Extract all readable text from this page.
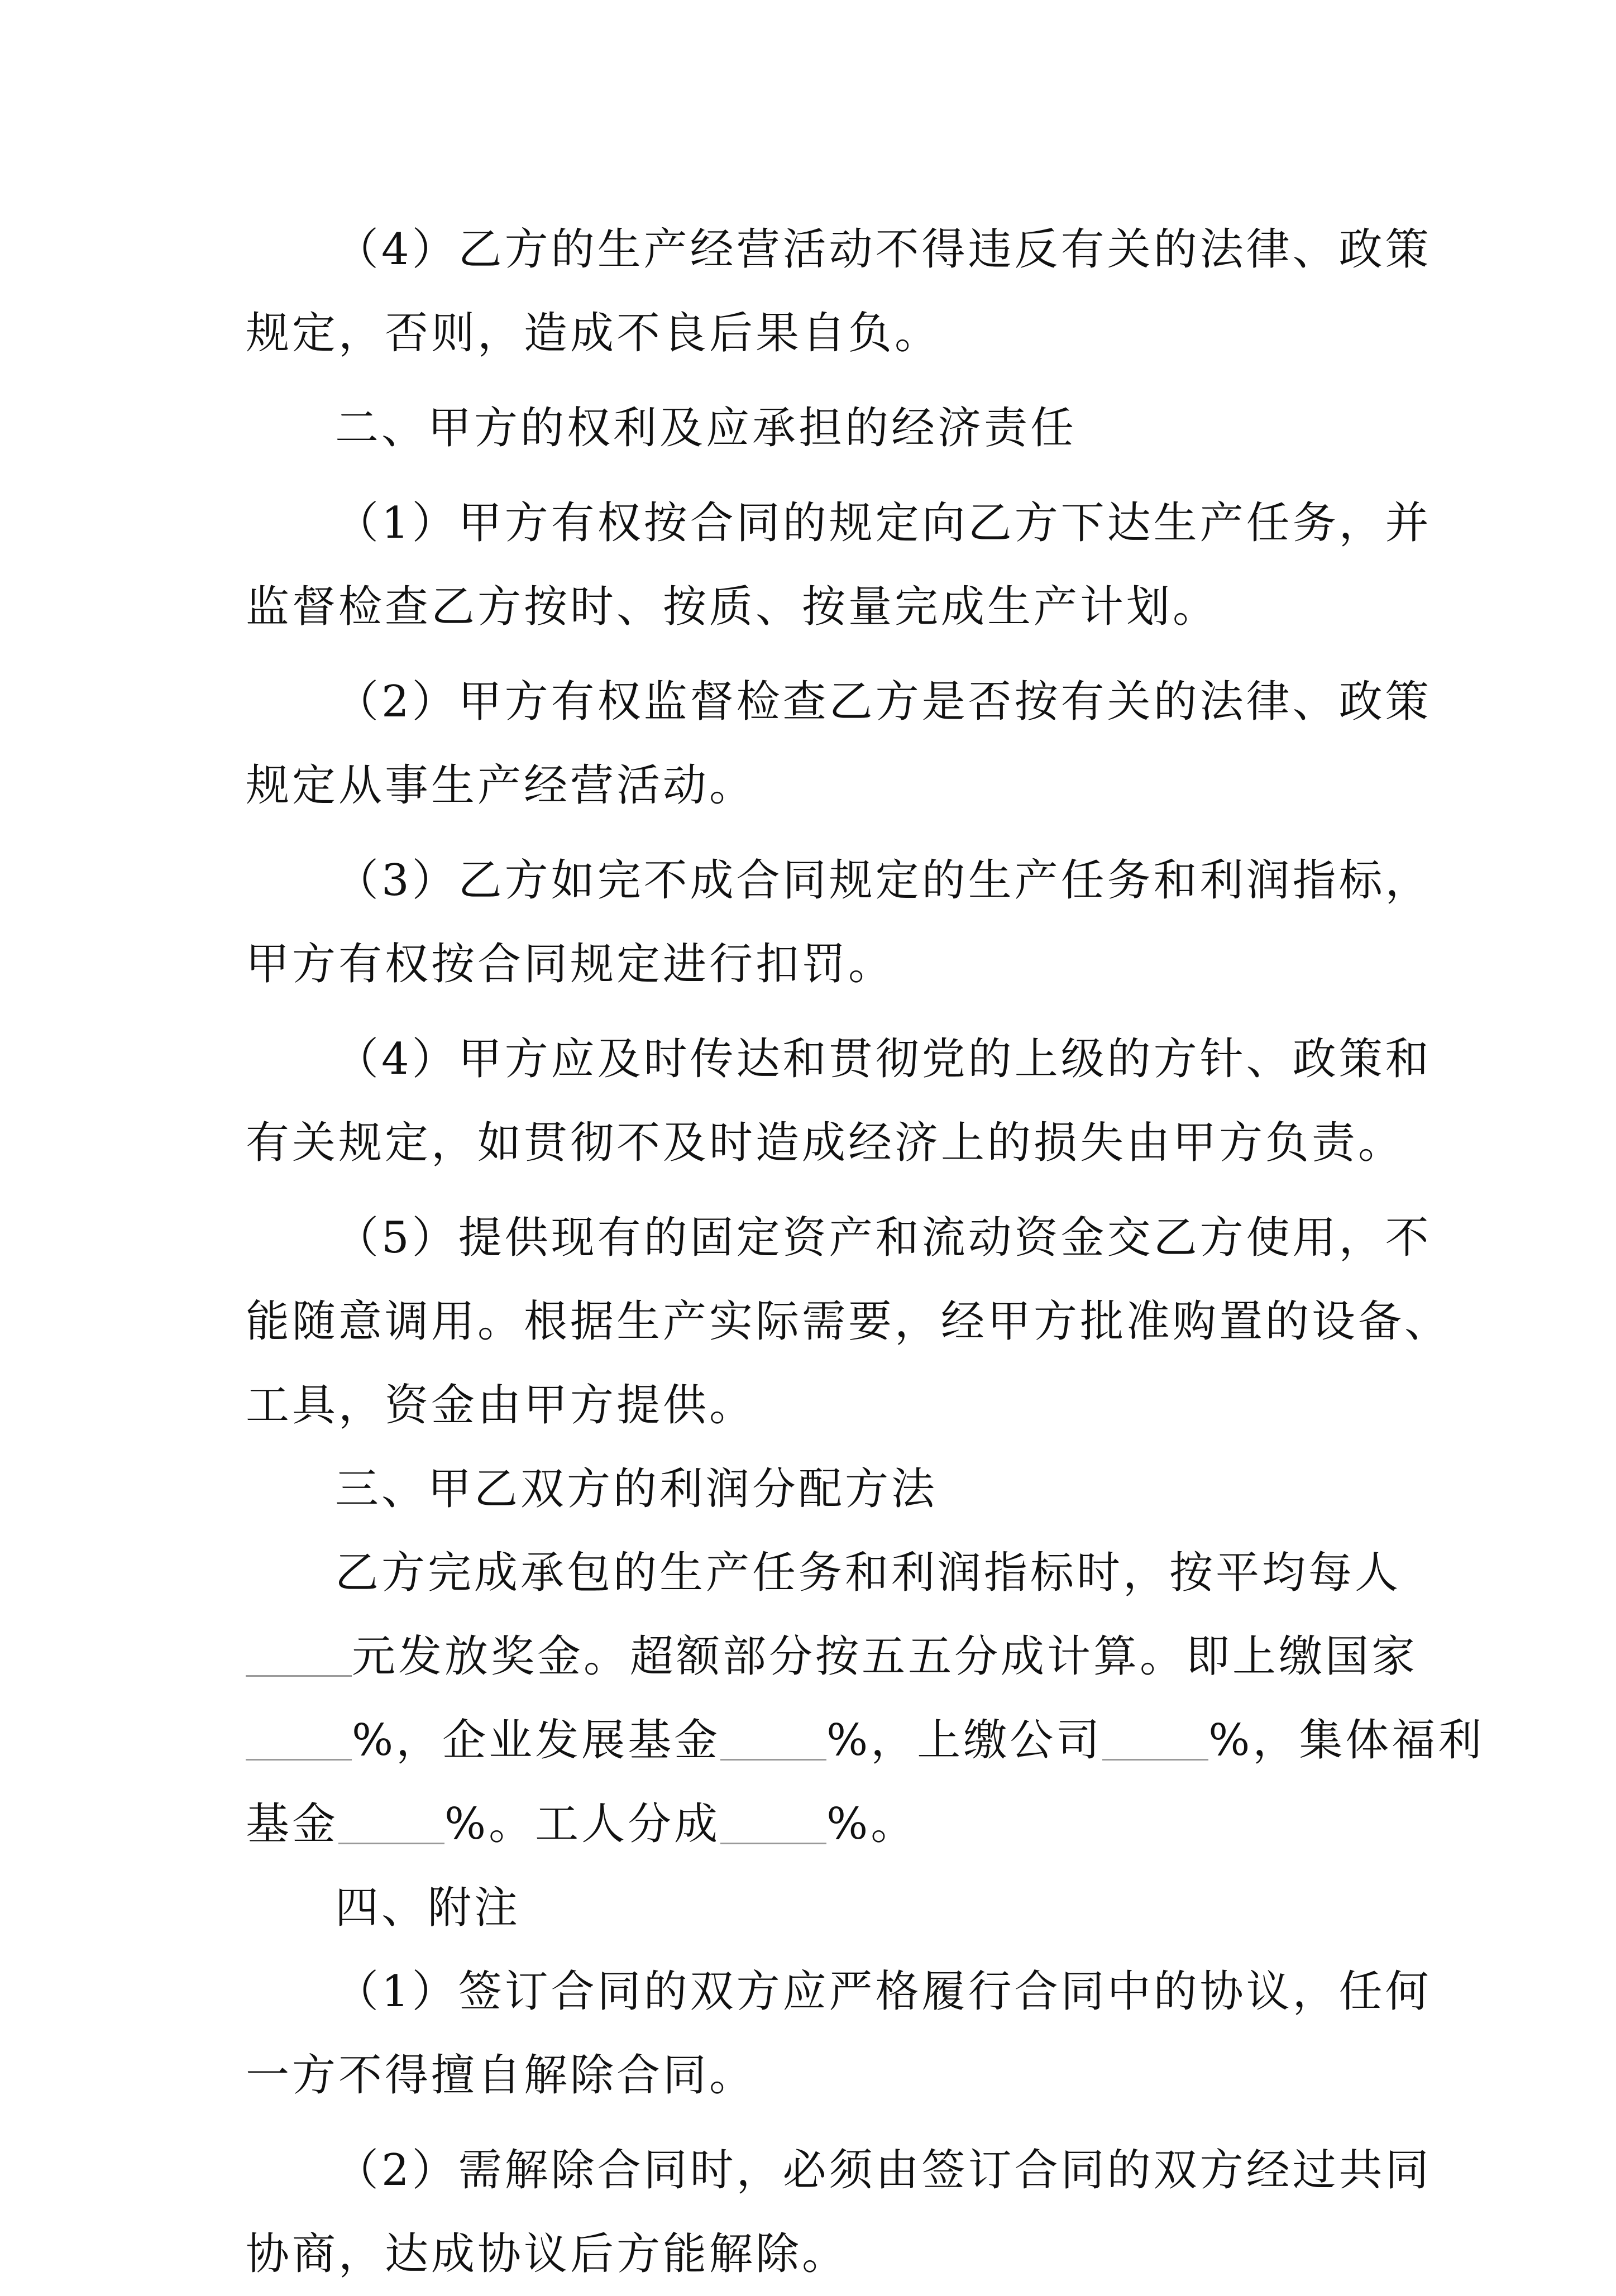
（4）乙方的生产经营活动不得违反有关的法律、政策
规定，否则，造成不良后果自负。
二、甲方的权利及应承担的经济责任
（1）甲方有权按合同的规定向乙方下达生产任务，并
监督检查乙方按时、按质、按量完成生产计划。
（2）甲方有权监督检查乙方是否按有关的法律、政策
规定从事生产经营活动。
（3）乙方如完不成合同规定的生产任务和利润指标，
甲方有权按合同规定进行扣罚。
（4）甲方应及时传达和贯彻党的上级的方针、政策和
有关规定，如贯彻不及时造成经济上的损失由甲方负责。
（5）提供现有的固定资产和流动资金交乙方使用，不
能随意调用。根据生产实际需要，经甲方批准购置的设备、
工具，资金由甲方提供。
三、甲乙双方的利润分配方法
乙方完成承包的生产任务和利润指标时，按平均每人
元发放奖金。超额部分按五五分成计算。即上缴国家
%，企业发展基金 %，上缴公司 %，集体福利
基金 %。工人分成 %。
四、附注
（1）签订合同的双方应严格履行合同中的协议，任何
一方不得擅自解除合同。
（2）需解除合同时，必须由签订合同的双方经过共同
协商，达成协议后方能解除。
